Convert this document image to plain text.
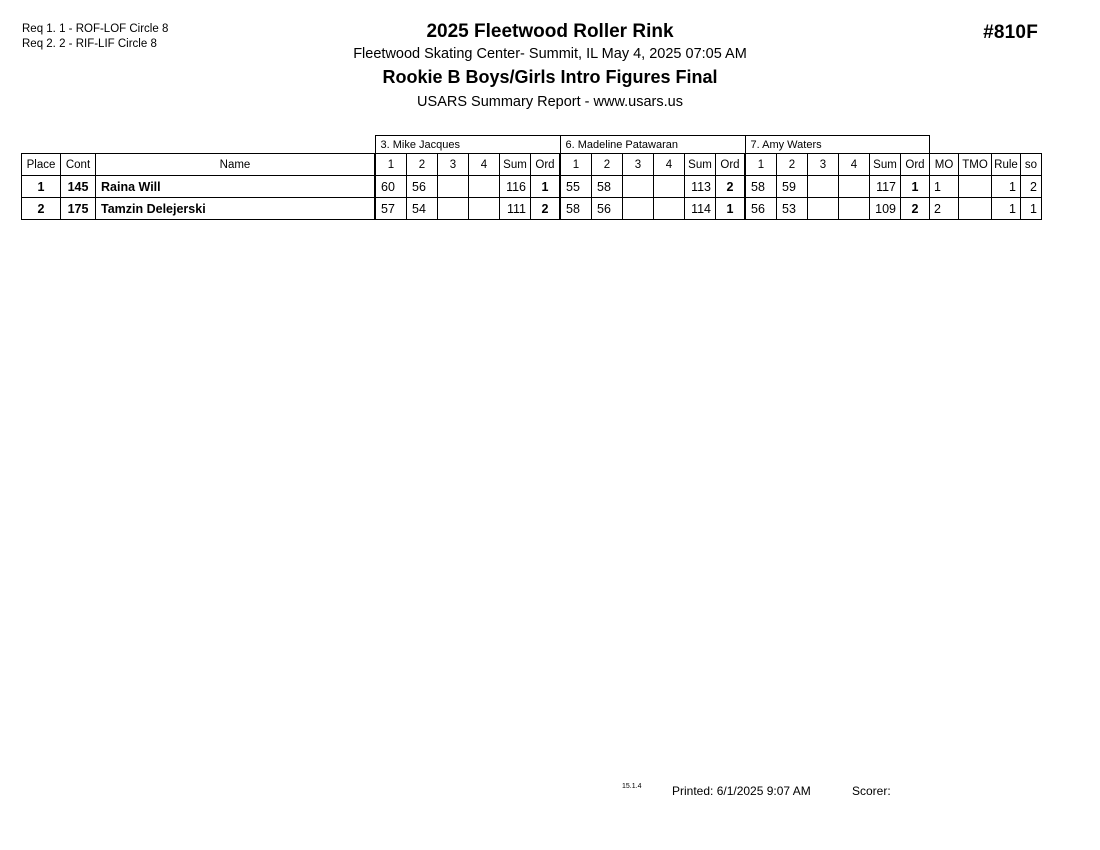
Req 1. 1 - ROF-LOF Circle 8
Req 2. 2 - RIF-LIF Circle 8
#810F
2025 Fleetwood Roller Rink
Fleetwood Skating Center- Summit, IL May 4, 2025 07:05 AM
Rookie B Boys/Girls Intro Figures Final
USARS Summary Report - www.usars.us
			3. Mike Jacques						6. Madeline Patawaran						7. Amy Waters									
Place	Cont	Name	1	2	3	4	Sum	Ord	1	2	3	4	Sum	Ord	1	2	3	4	Sum	Ord	MO	TMO	Rule	so
1	145	Raina Will	60	56			116	1	55	58			113	2	58	59			117	1	1		1	2
2	175	Tamzin Delejerski	57	54			111	2	58	56			114	1	56	53			109	2	2		1	1
15.1.4	Printed: 6/1/2025 9:07 AM	Scorer:
